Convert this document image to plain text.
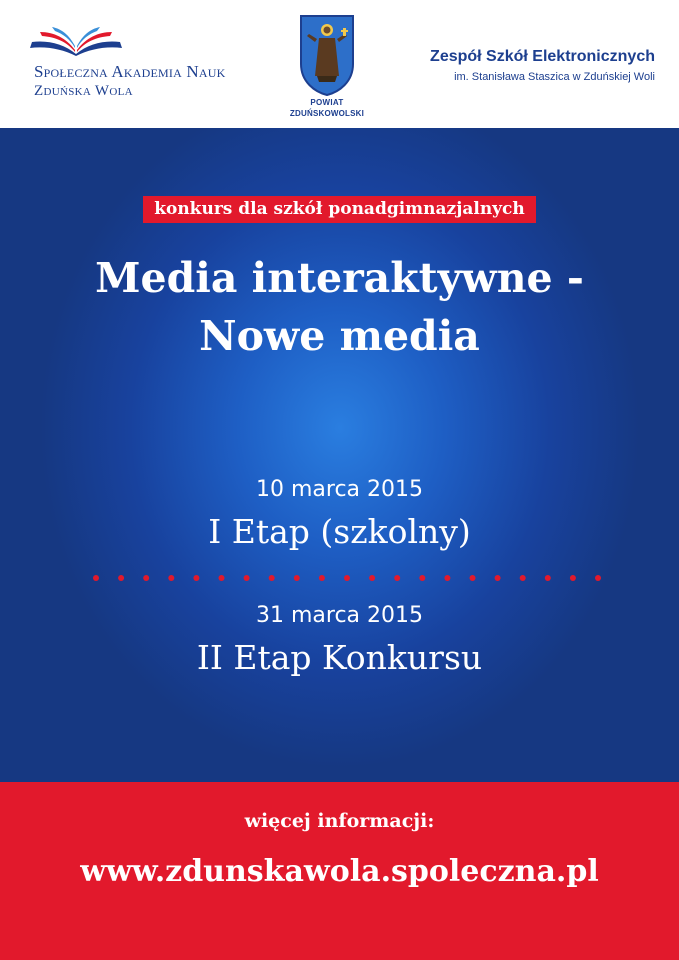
Społeczna Akademia Nauk
Zduńska Wola
POWIAT
ZDUŃSKOWOLSKI
Zespół Szkół Elektronicznych
im. Stanisława Staszica w Zduńskiej Woli
konkurs dla szkół ponadgimnazjalnych
Media interaktywne -
Nowe media
10 marca 2015
I Etap (szkolny)
31 marca 2015
II Etap Konkursu
więcej informacji:
www.zdunskawola.spoleczna.pl
